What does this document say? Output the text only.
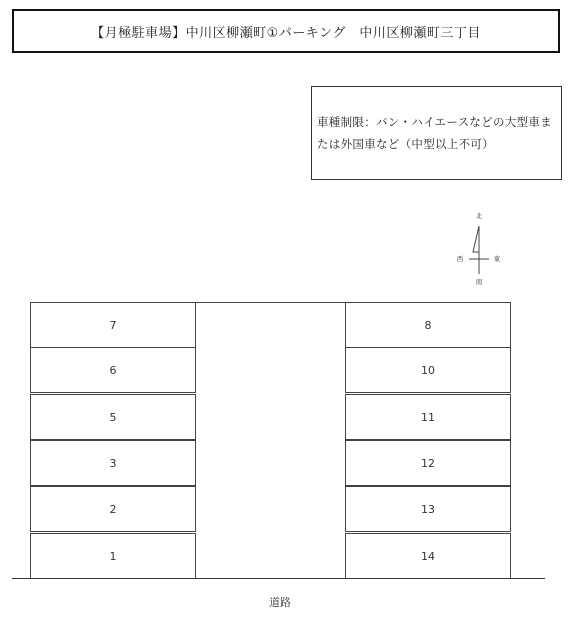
【月極駐車場】中川区柳瀬町①パーキング　中川区柳瀬町三丁目
車種制限：バン・ハイエースなどの大型車ま
たは外国車など（中型以上不可）
北
西	東
南
7
6
5
3
2
1
8
10
11
12
13
14
道路
